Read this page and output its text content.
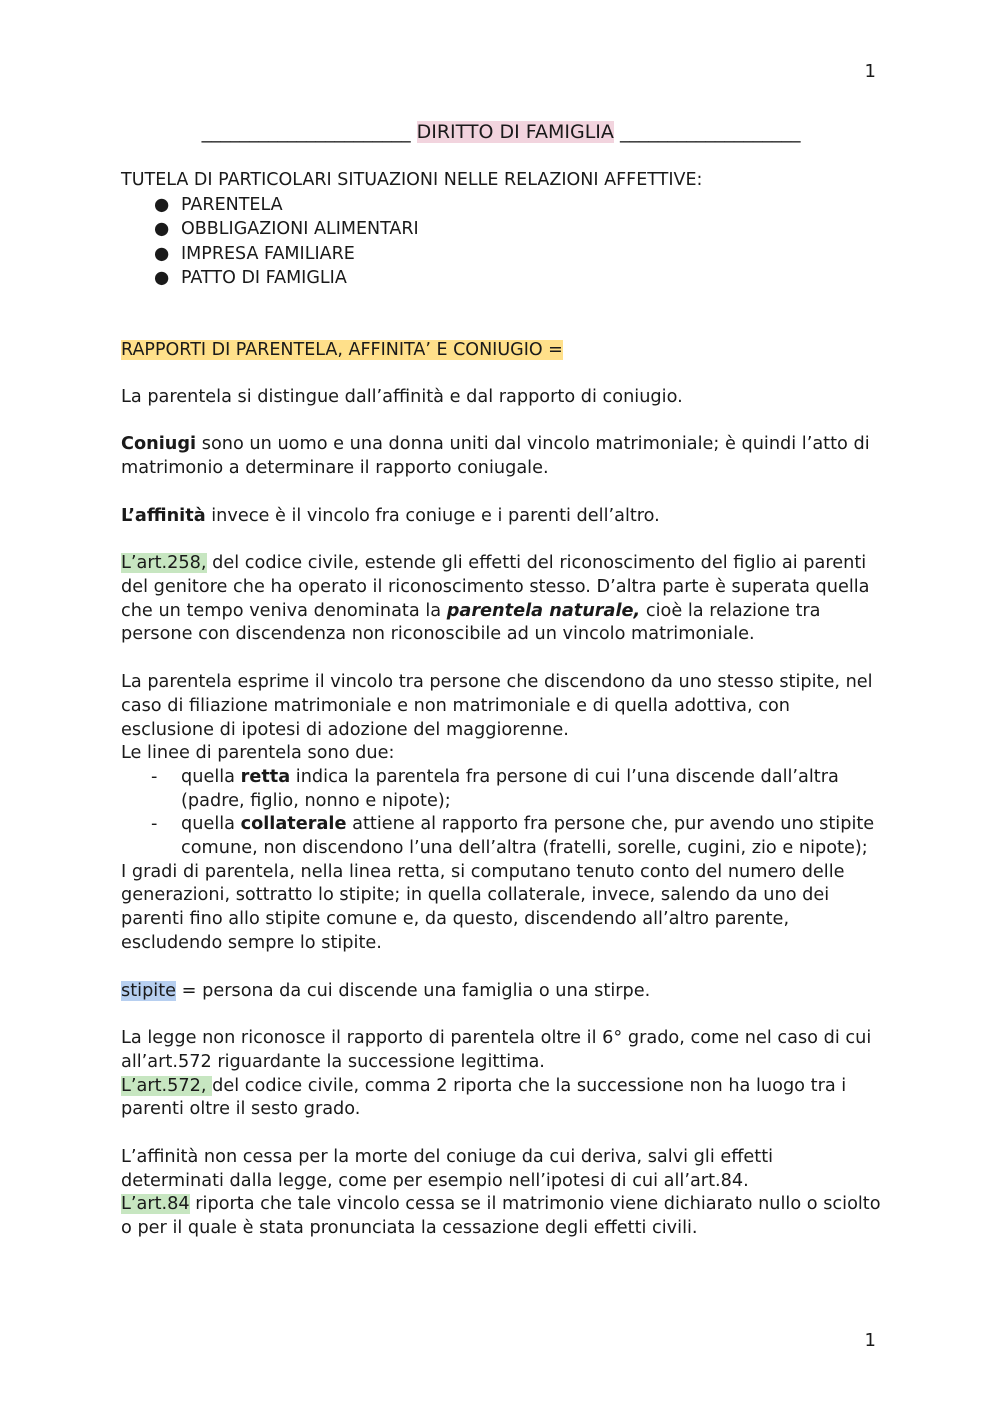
1
______________________ DIRITTO DI FAMIGLIA ___________________

TUTELA DI PARTICOLARI SITUAZIONI NELLE RELAZIONI AFFETTIVE:

● PARENTELA
● OBBLIGAZIONI ALIMENTARI
● IMPRESA FAMILIARE
● PATTO DI FAMIGLIA

RAPPORTI DI PARENTELA, AFFINITA’ E CONIUGIO =

La parentela si distingue dall’affinità e dal rapporto di coniugio.

Coniugi sono un uomo e una donna uniti dal vincolo matrimoniale; è quindi l’atto di matrimonio a determinare il rapporto coniugale.

L’affinità invece è il vincolo fra coniuge e i parenti dell’altro.

L’art.258, del codice civile, estende gli effetti del riconoscimento del figlio ai parenti del genitore che ha operato il riconoscimento stesso. D’altra parte è superata quella che un tempo veniva denominata la parentela naturale, cioè la relazione tra persone con discendenza non riconoscibile ad un vincolo matrimoniale.

La parentela esprime il vincolo tra persone che discendono da uno stesso stipite, nel caso di filiazione matrimoniale e non matrimoniale e di quella adottiva, con esclusione di ipotesi di adozione del maggiorenne.

Le linee di parentela sono due:

- quella retta indica la parentela fra persone di cui l’una discende dall’altra (padre, figlio, nonno e nipote);
- quella collaterale attiene al rapporto fra persone che, pur avendo uno stipite comune, non discendono l’una dell’altra (fratelli, sorelle, cugini, zio e nipote);

I gradi di parentela, nella linea retta, si computano tenuto conto del numero delle generazioni, sottratto lo stipite; in quella collaterale, invece, salendo da uno dei parenti fino allo stipite comune e, da questo, discendendo all’altro parente, escludendo sempre lo stipite.

stipite = persona da cui discende una famiglia o una stirpe.

La legge non riconosce il rapporto di parentela oltre il 6° grado, come nel caso di cui all’art.572 riguardante la successione legittima.

L’art.572, del codice civile, comma 2 riporta che la successione non ha luogo tra i parenti oltre il sesto grado.

L’affinità non cessa per la morte del coniuge da cui deriva, salvi gli effetti determinati dalla legge, come per esempio nell’ipotesi di cui all’art.84.

L’art.84 riporta che tale vincolo cessa se il matrimonio viene dichiarato nullo o sciolto o per il quale è stata pronunciata la cessazione degli effetti civili.

1
